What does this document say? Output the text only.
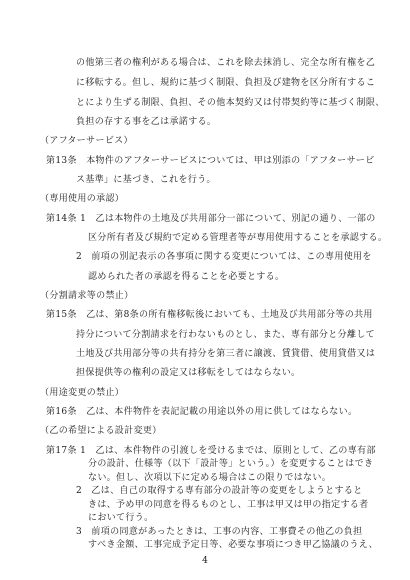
の他第三者の権利がある場合は、これを除去抹消し、完全な所有権を乙
に移転する。但し、規約に基づく制限、負担及び建物を区分所有するこ
とにより生ずる制限、負担、その他本契約又は付帯契約等に基づく制限、
負担の存する事を乙は承諾する。
（アフターサービス）
第13条　本物件のアフターサービスについては、甲は別添の「アフターサービ
ス基準」に基づき、これを行う。
（専用使用の承認）
第14条 1　乙は本物件の土地及び共用部分一部について、別記の通り、一部の
区分所有者及び規約で定める管理者等が専用使用することを承認する。
2　前項の別記表示の各事項に関する変更については、この専用使用を
認められた者の承認を得ることを必要とする。
（分割請求等の禁止）
第15条　乙は、第8条の所有権移転後においても、土地及び共用部分等の共用
持分について分割請求を行わないものとし、また、専有部分と分離して
土地及び共用部分等の共有持分を第三者に譲渡、賃貸借、使用貸借又は
担保提供等の権利の設定又は移転をしてはならない。
（用途変更の禁止）
第16条　乙は、本件物件を表記記載の用途以外の用に供してはならない。
（乙の希望による設計変更）
第17条 1　乙は、本件物件の引渡しを受けるまでは、原則として、乙の専有部
分の設計、仕様等（以下「設計等」という。）を変更することはでき
ない。但し、次項以下に定める場合はこの限りではない。
2　乙は、自己の取得する専有部分の設計等の変更をしようとすると
きは、予め甲の同意を得るものとし、工事は甲又は甲の指定する者
において行う。
3　前項の同意があったときは、工事の内容、工事費その他乙の負担
すべき金額、工事完成予定日等、必要な事項につき甲乙協議のうえ、
4
